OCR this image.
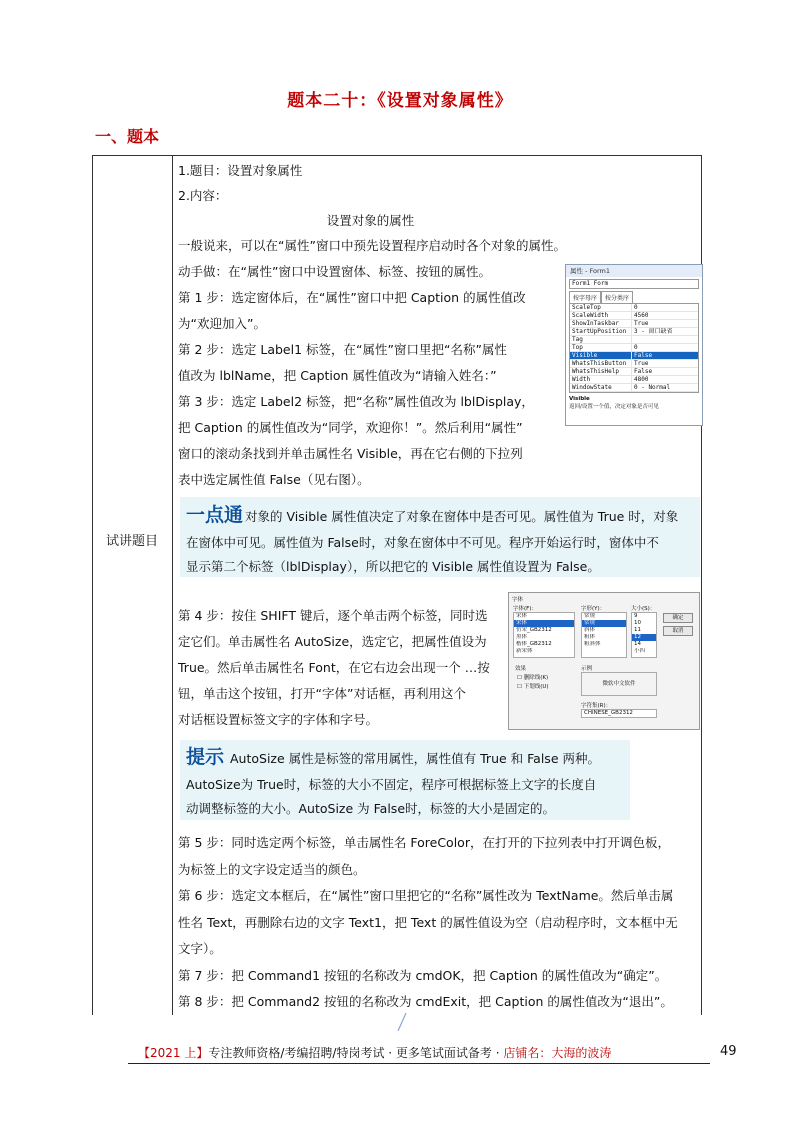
题本二十：《设置对象属性》
一、题本
试讲题目

1.题目：设置对象属性

2.内容：

设置对象的属性

一般说来，可以在“属性”窗口中预先设置程序启动时各个对象的属性。

动手做：在“属性”窗口中设置窗体、标签、按钮的属性。

第 1 步：选定窗体后，在“属性”窗口中把 Caption 的属性值改

为“欢迎加入”。

第 2 步：选定 Label1 标签，在“属性”窗口里把“名称”属性

值改为 lblName，把 Caption 属性值改为“请输入姓名：”

第 3 步：选定 Label2 标签，把“名称”属性值改为 lblDisplay，

把 Caption 的属性值改为“同学，欢迎你！”。然后利用“属性”

窗口的滚动条找到并单击属性名 Visible，再在它右侧的下拉列

表中选定属性值 False（见右图）。

属性 - Form1
Form1 Form
按字母序	按分类序
ScaleTop	0
ScaleWidth	4560
ShowInTaskbar	True
StartUpPosition	3 - 窗口缺省
Tag
Top	0
Visible	False
WhatsThisButton	True
WhatsThisHelp	False
Width	4800
WindowState	0 - Normal
Visible
返回/设置一个值，决定对象是否可见

一点通 对象的 Visible 属性值决定了对象在窗体中是否可见。属性值为 True 时，对象

在窗体中可见。属性值为 False时，对象在窗体中不可见。程序开始运行时，窗体中不

显示第二个标签（lblDisplay），所以把它的 Visible 属性值设置为 False。

第 4 步：按住 SHIFT 键后，逐个单击两个标签，同时选

定它们。单击属性名 AutoSize，选定它，把属性值设为

True。然后单击属性名 Font，在它右边会出现一个 …按

钮，单击这个按钮，打开“字体”对话框，再利用这个

对话框设置标签文字的字体和字号。

字体
字体(F)：	字形(Y)：	大小(S)：
宋体
宋体
仿宋_GB2312
黑体
楷体_GB2312
新宋体
常规
常规
斜体
粗体
粗斜体
9
10
11
12
14
小四
确定
取消
效果
☐ 删除线(K)
☐ 下划线(U)
示例
微软中文软件
字符集(R)：
CHINESE_GB2312

提示 AutoSize 属性是标签的常用属性，属性值有 True 和 False 两种。

AutoSize为 True时，标签的大小不固定，程序可根据标签上文字的长度自

动调整标签的大小。AutoSize 为 False时，标签的大小是固定的。

第 5 步：同时选定两个标签，单击属性名 ForeColor，在打开的下拉列表中打开调色板，

为标签上的文字设定适当的颜色。

第 6 步：选定文本框后，在“属性”窗口里把它的“名称”属性改为 TextName。然后单击属

性名 Text，再删除右边的文字 Text1，把 Text 的属性值设为空（启动程序时，文本框中无

文字）。

第 7 步：把 Command1 按钮的名称改为 cmdOK，把 Caption 的属性值改为“确定”。

第 8 步：把 Command2 按钮的名称改为 cmdExit，把 Caption 的属性值改为“退出”。

【2021 上】专注教师资格/考编招聘/特岗考试 · 更多笔试面试备考 · 店铺名：大海的波涛	49
